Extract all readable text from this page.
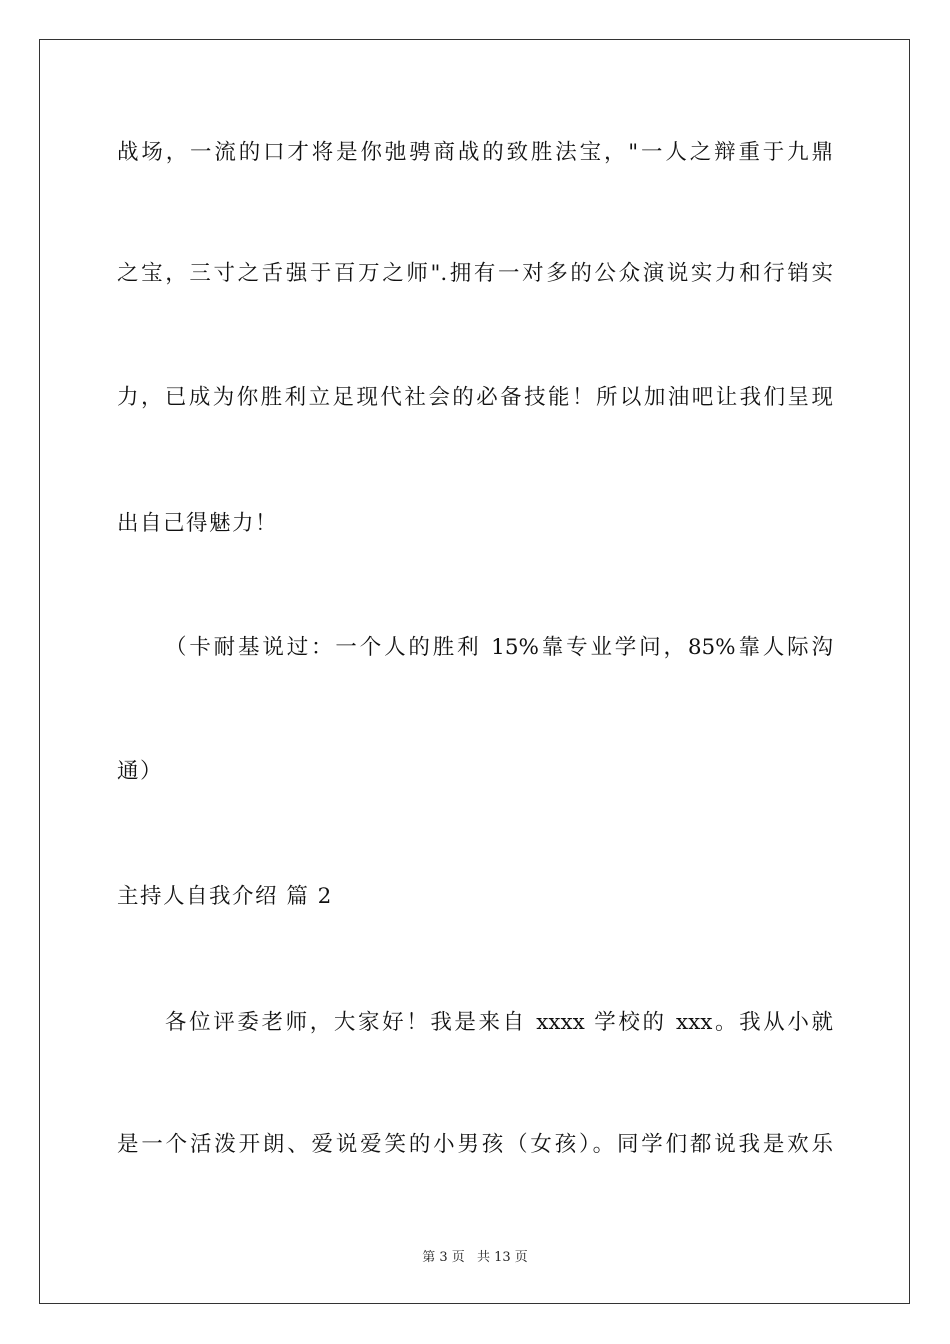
战场，一流的口才将是你弛骋商战的致胜法宝，"一人之辩重于九鼎
之宝，三寸之舌强于百万之师".拥有一对多的公众演说实力和行销实
力，已成为你胜利立足现代社会的必备技能！所以加油吧让我们呈现
出自己得魅力！
（卡耐基说过：一个人的胜利 15%靠专业学问，85%靠人际沟
通）
主持人自我介绍 篇 2
各位评委老师，大家好！我是来自 xxxx 学校的 xxx。我从小就
是一个活泼开朗、爱说爱笑的小男孩（女孩）。同学们都说我是欢乐
第 3 页 共 13 页
